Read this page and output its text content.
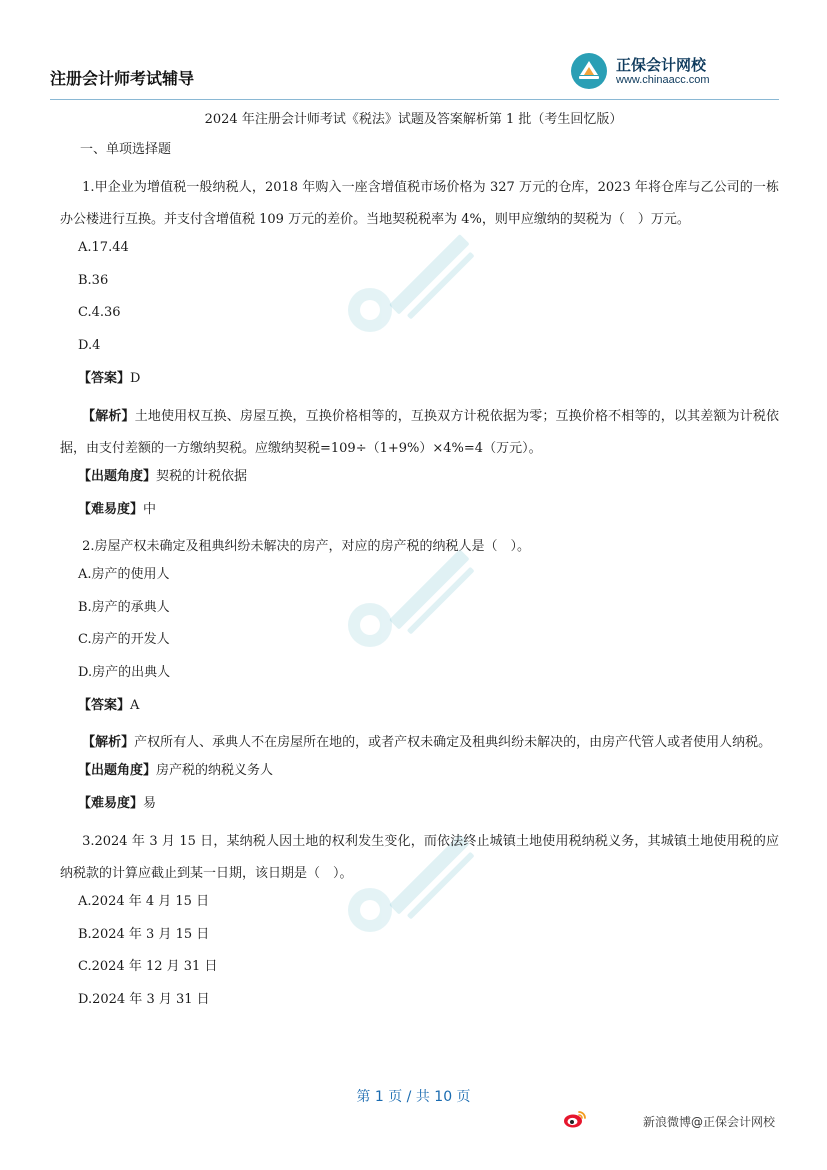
注册会计师考试辅导
正保会计网校
www.chinaacc.com
2024 年注册会计师考试《税法》试题及答案解析第 1 批（考生回忆版）
一、单项选择题

1.甲企业为增值税一般纳税人，2018 年购入一座含增值税市场价格为 327 万元的仓库，2023 年将仓库与乙公司的一栋办公楼进行互换。并支付含增值税 109 万元的差价。当地契税税率为 4%，则甲应缴纳的契税为（　）万元。

A.17.44
B.36
C.4.36
D.4
【答案】D

【解析】土地使用权互换、房屋互换，互换价格相等的，互换双方计税依据为零；互换价格不相等的，以其差额为计税依据，由支付差额的一方缴纳契税。应缴纳契税=109÷（1+9%）×4%=4（万元）。

【出题角度】契税的计税依据
【难易度】中

2.房屋产权未确定及租典纠纷未解决的房产，对应的房产税的纳税人是（　）。

A.房产的使用人
B.房产的承典人
C.房产的开发人
D.房产的出典人
【答案】A

【解析】产权所有人、承典人不在房屋所在地的，或者产权未确定及租典纠纷未解决的，由房产代管人或者使用人纳税。

【出题角度】房产税的纳税义务人
【难易度】易

3.2024 年 3 月 15 日，某纳税人因土地的权利发生变化，而依法终止城镇土地使用税纳税义务，其城镇土地使用税的应纳税款的计算应截止到某一日期，该日期是（　）。

A.2024 年 4 月 15 日
B.2024 年 3 月 15 日
C.2024 年 12 月 31 日
D.2024 年 3 月 31 日
第 1 页 / 共 10 页
新浪微博@正保会计网校
